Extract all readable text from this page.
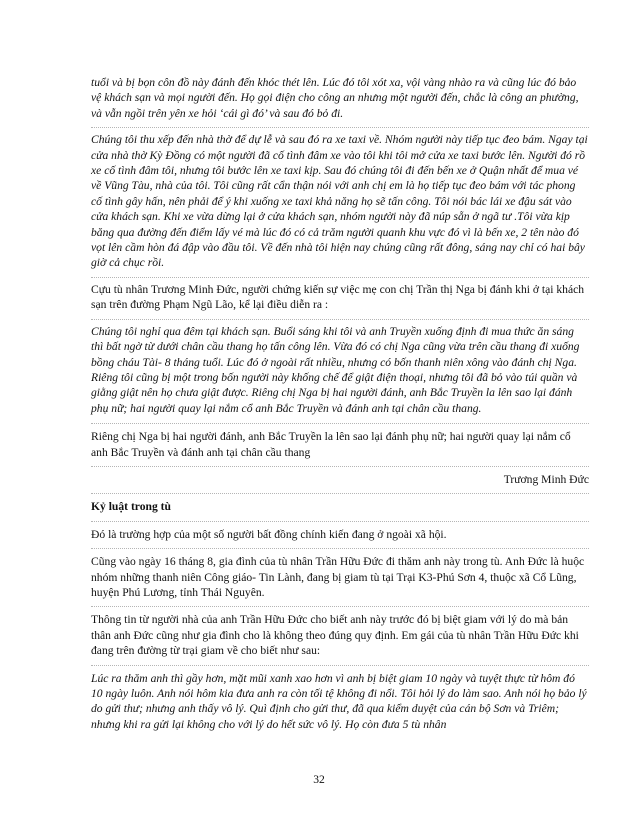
tuổi và bị bọn côn đồ này đánh đến khóc thét lên. Lúc đó tôi xót xa, vội vàng nhào ra và cũng lúc đó bảo vệ khách sạn và mọi người đến. Họ gọi điện cho công an nhưng một người đến, chắc là công an phường, và vẫn ngồi trên yên xe hỏi ‘cái gì đó’ và sau đó bỏ đi.

Chúng tôi thu xếp đến nhà thờ để dự lễ và sau đó ra xe taxi về. Nhóm người này tiếp tục đeo bám. Ngay tại cửa nhà thờ Kỳ Đồng có một người đã cố tình đâm xe vào tôi khi tôi mở cửa xe taxi bước lên. Người đó rồ xe cố tình đâm tôi, nhưng tôi bước lên xe taxi kịp. Sau đó chúng tôi đi đến bến xe ở Quận nhất để mua vé về Vũng Tàu, nhà của tôi. Tôi cũng rất cẩn thận nói với anh chị em là họ tiếp tục đeo bám với tác phong cố tình gây hấn, nên phải để ý khi xuống xe taxi khả năng họ sẽ tấn công. Tôi nói bác lái xe đậu sát vào cửa khách sạn. Khi xe vừa dừng lại ở cửa khách sạn, nhóm người này đã núp sẵn ở ngã tư .Tôi vừa kịp băng qua đường đến điểm lấy vé mà lúc đó có cả trăm người quanh khu vực đó vì là bến xe, 2 tên nào đó vọt lên cầm hòn đá đập vào đầu tôi. Về đến nhà tôi hiện nay chúng cũng rất đông, sáng nay chỉ có hai bây giờ cả chục rồi.

Cựu tù nhân Trương Minh Đức, người chứng kiến sự việc mẹ con chị Trần thị Nga bị đánh khi ở tại khách sạn trên đường Phạm Ngũ Lão, kể lại điều diễn ra :

Chúng tôi nghỉ qua đêm tại khách sạn. Buổi sáng khi tôi và anh Truyền xuống định đi mua thức ăn sáng thì bất ngờ từ dưới chân cầu thang họ tấn công lên. Vừa đó có chị Nga cũng vừa trên cầu thang đi xuống bồng cháu Tài- 8 tháng tuổi. Lúc đó ở ngoài rất nhiều, nhưng có bốn thanh niên xông vào đánh chị Nga. Riêng tôi cũng bị một trong bốn người này khống chế để giật điện thoại, nhưng tôi đã bỏ vào túi quần và giằng giật nên họ chưa giật được. Riêng chị Nga bị hai người đánh, anh Bắc Truyền la lên sao lại đánh phụ nữ; hai người quay lại nắm cổ anh Bắc Truyền và đánh anh tại chân cầu thang.

Riêng chị Nga bị hai người đánh, anh Bắc Truyền la lên sao lại đánh phụ nữ; hai người quay lại nắm cổ anh Bắc Truyền và đánh anh tại chân cầu thang

Trương Minh Đức

Kỷ luật trong tù

Đó là trường hợp của một số người bất đồng chính kiến đang ở ngoài xã hội.

Cũng vào ngày 16 tháng 8, gia đình của tù nhân Trần Hữu Đức đi thăm anh này trong tù. Anh Đức là huộc nhóm những thanh niên Công giáo- Tin Lành, đang bị giam tù tại Trại K3-Phú Sơn 4, thuộc xã Cổ Lũng, huyện Phú Lương, tỉnh Thái Nguyên.

Thông tin từ người nhà của anh Trần Hữu Đức cho biết anh này trước đó bị biệt giam với lý do mà bản thân anh Đức cũng như gia đình cho là không theo đúng quy định. Em gái của tù nhân Trần Hữu Đức khi đang trên đường từ trại giam về cho biết như sau:

Lúc ra thăm anh thì gầy hơn, mặt mũi xanh xao hơn vì anh bị biệt giam 10 ngày và tuyệt thực từ hôm đó 10 ngày luôn. Anh nói hôm kia đưa anh ra còn tối tệ không đi nổi. Tôi hỏi lý do làm sao. Anh nói họ bảo lý do gửi thư; nhưng anh thấy vô lý. Quì định cho gửi thư, đã qua kiểm duyệt của cán bộ Sơn và Triêm; nhưng khi ra gửi lại không cho với lý do hết sức vô lý. Họ còn đưa 5 tù nhân

32
